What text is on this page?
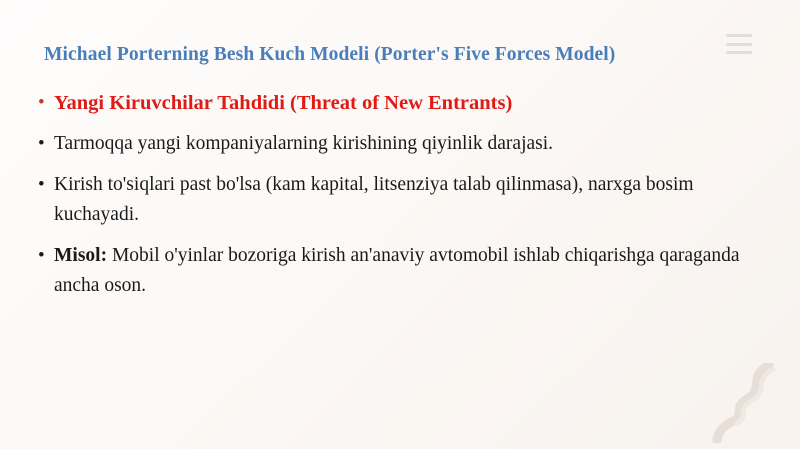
Michael Porterning Besh Kuch Modeli (Porter's Five Forces Model)
• Yangi Kiruvchilar Tahdidi (Threat of New Entrants)
• Tarmoqqa yangi kompaniyalarning kirishining qiyinlik darajasi.
• Kirish to'siqlari past bo'lsa (kam kapital, litsenziya talab qilinmasa), narxga bosim kuchayadi.
• Misol: Mobil o'yinlar bozoriga kirish an'anaviy avtomobil ishlab chiqarishga qaraganda ancha oson.
